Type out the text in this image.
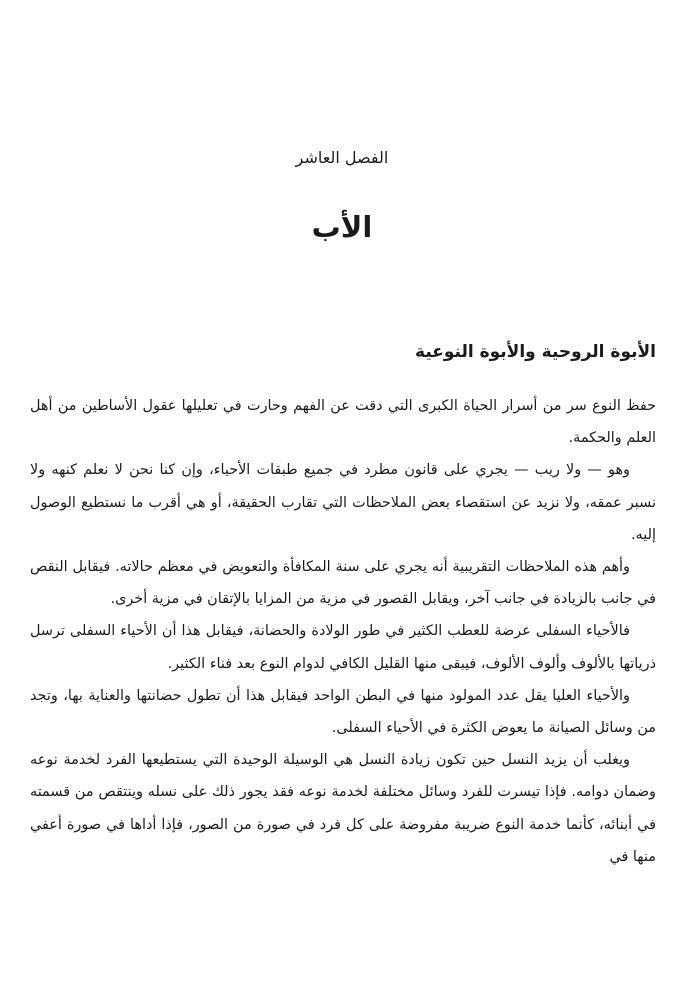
الفصل العاشر
الأب
الأبوة الروحية والأبوة النوعية

حفظ النوع سر من أسرار الحياة الكبرى التي دقت عن الفهم وحارت في تعليلها عقول الأساطين من أهل العلم والحكمة.

وهو — ولا ريب — يجري على قانون مطرد في جميع طبقات الأحياء، وإن كنا نحن لا نعلم كنهه ولا نسبر عمقه، ولا نزيد عن استقصاء بعض الملاحظات التي تقارب الحقيقة، أو هي أقرب ما نستطيع الوصول إليه.

وأهم هذه الملاحظات التقريبية أنه يجري على سنة المكافأة والتعويض في معظم حالاته. فيقابل النقص في جانب بالزيادة في جانب آخر، ويقابل القصور في مزية من المزايا بالإتقان في مزية أخرى.

فالأحياء السفلى عرضة للعطب الكثير في طور الولادة والحضانة، فيقابل هذا أن الأحياء السفلى ترسل ذرياتها بالألوف وألوف الألوف، فيبقى منها القليل الكافي لدوام النوع بعد فناء الكثير.

والأحياء العليا يقل عدد المولود منها في البطن الواحد فيقابل هذا أن تطول حضانتها والعناية بها، وتجد من وسائل الصيانة ما يعوض الكثرة في الأحياء السفلى.

ويغلب أن يزيد النسل حين تكون زيادة النسل هي الوسيلة الوحيدة التي يستطيعها الفرد لخدمة نوعه وضمان دوامه. فإذا تيسرت للفرد وسائل مختلفة لخدمة نوعه فقد يجور ذلك على نسله وينتقص من قسمته في أبنائه، كأنما خدمة النوع ضريبة مفروضة على كل فرد في صورة من الصور، فإذا أداها في صورة أعفي منها في
